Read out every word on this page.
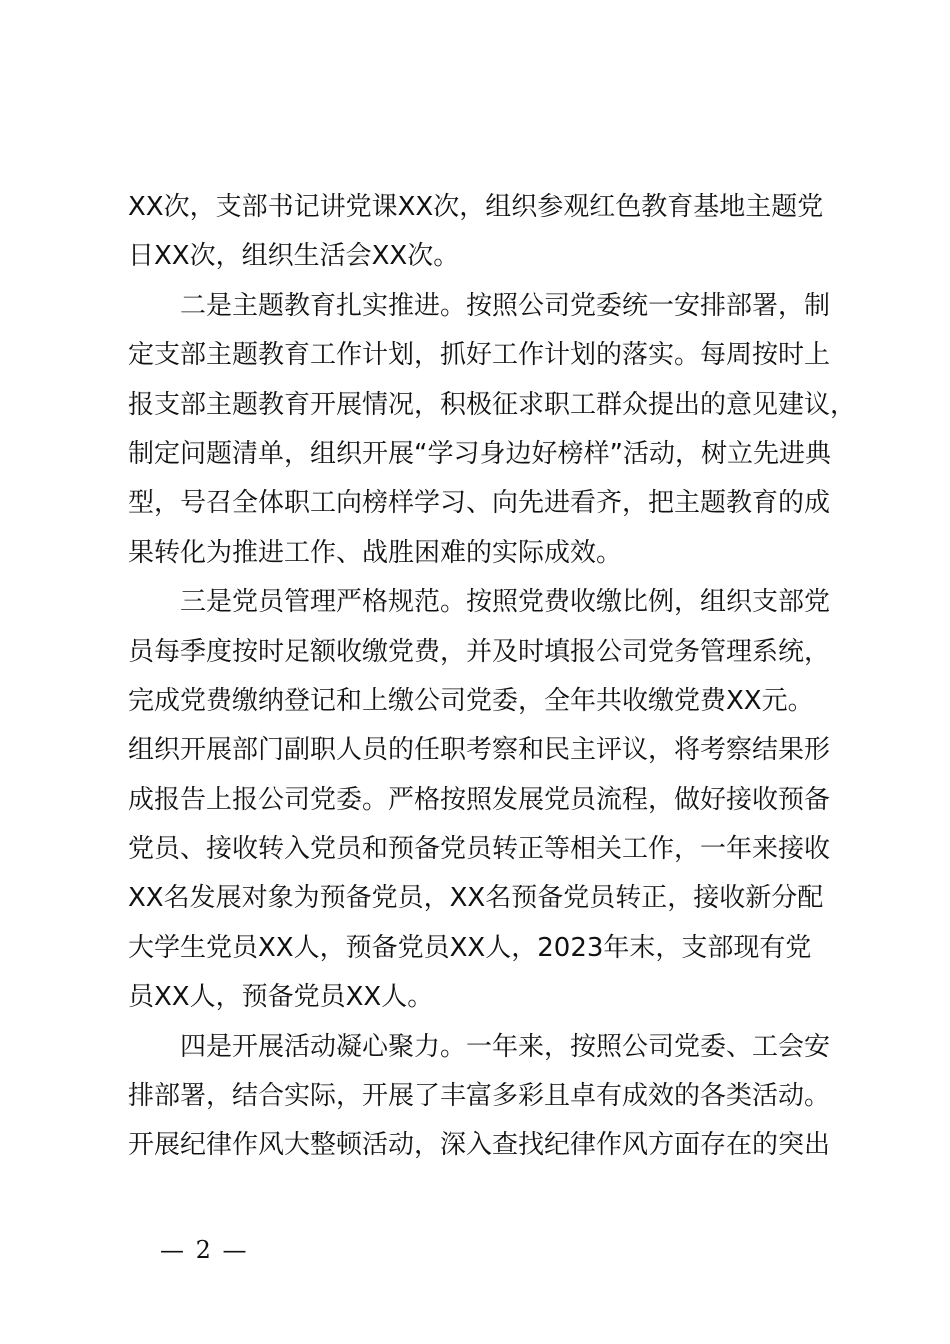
XX次，支部书记讲党课XX次，组织参观红色教育基地主题党
日XX次，组织生活会XX次。
二是主题教育扎实推进。按照公司党委统一安排部署，制
定支部主题教育工作计划，抓好工作计划的落实。每周按时上
报支部主题教育开展情况，积极征求职工群众提出的意见建议，
制定问题清单，组织开展“学习身边好榜样”活动，树立先进典
型，号召全体职工向榜样学习、向先进看齐，把主题教育的成
果转化为推进工作、战胜困难的实际成效。
三是党员管理严格规范。按照党费收缴比例，组织支部党
员每季度按时足额收缴党费，并及时填报公司党务管理系统，
完成党费缴纳登记和上缴公司党委，全年共收缴党费XX元。
组织开展部门副职人员的任职考察和民主评议，将考察结果形
成报告上报公司党委。严格按照发展党员流程，做好接收预备
党员、接收转入党员和预备党员转正等相关工作，一年来接收
XX名发展对象为预备党员，XX名预备党员转正，接收新分配
大学生党员XX人，预备党员XX人，2023年末，支部现有党
员XX人，预备党员XX人。
四是开展活动凝心聚力。一年来，按照公司党委、工会安
排部署，结合实际，开展了丰富多彩且卓有成效的各类活动。
开展纪律作风大整顿活动，深入查找纪律作风方面存在的突出
— 2 —
